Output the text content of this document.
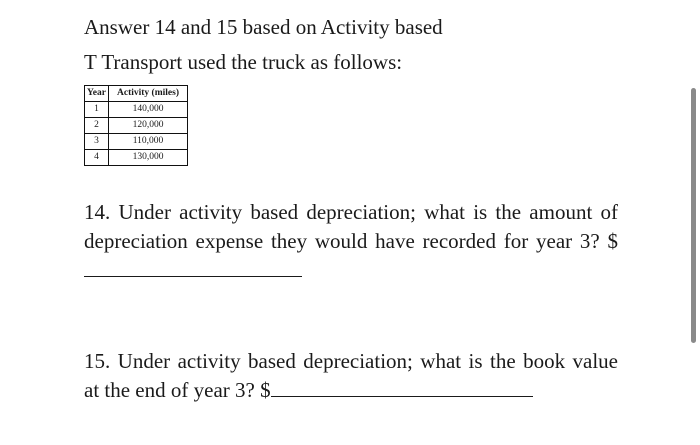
Answer 14 and 15 based on Activity based
T Transport used the truck as follows:
Year	Activity (miles)
1	140,000
2	120,000
3	110,000
4	130,000
14. Under activity based depreciation; what is the amount of depreciation expense they would have recorded for year 3? $
15. Under activity based depreciation; what is the book value at the end of year 3? $
